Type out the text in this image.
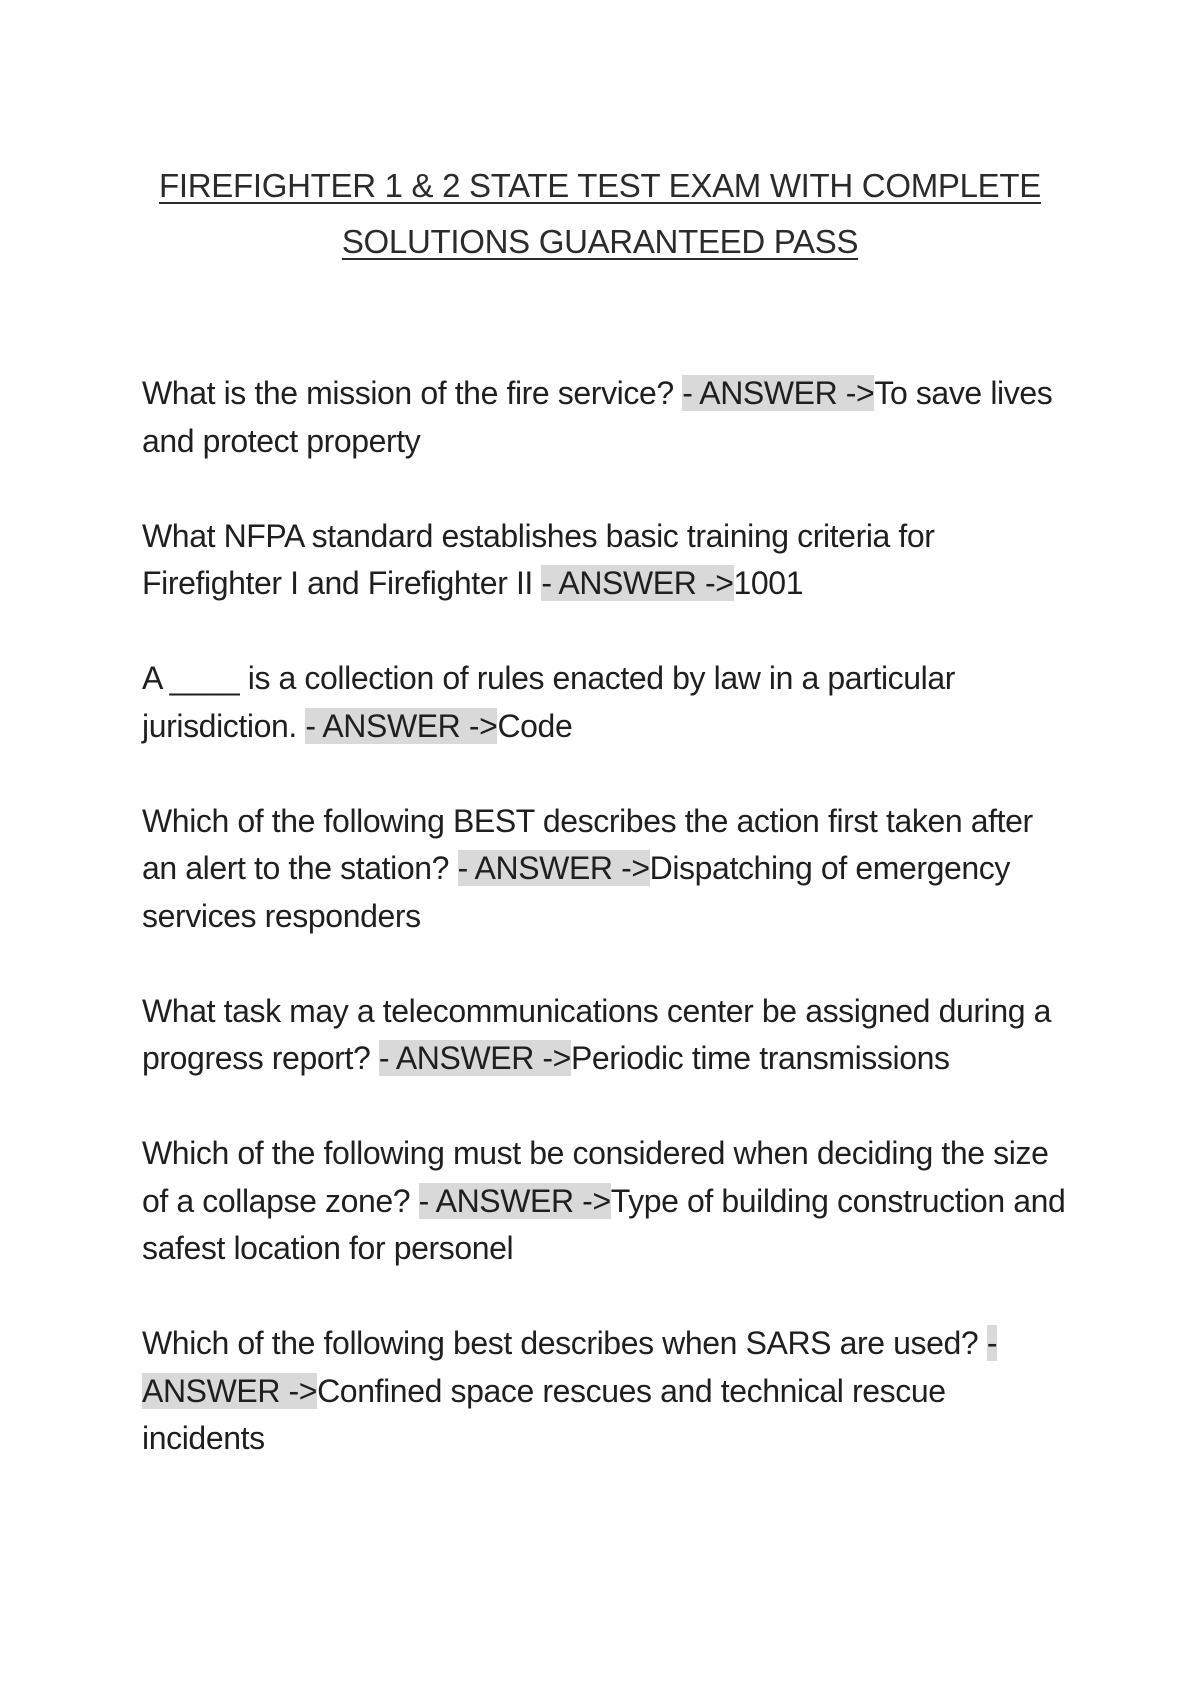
FIREFIGHTER 1 & 2 STATE TEST EXAM WITH COMPLETE
SOLUTIONS GUARANTEED PASS

What is the mission of the fire service? - ANSWER ->To save lives and protect property

What NFPA standard establishes basic training criteria for Firefighter I and Firefighter II - ANSWER ->1001

A ____ is a collection of rules enacted by law in a particular jurisdiction. - ANSWER ->Code

Which of the following BEST describes the action first taken after an alert to the station? - ANSWER ->Dispatching of emergency services responders

What task may a telecommunications center be assigned during a progress report? - ANSWER ->Periodic time transmissions

Which of the following must be considered when deciding the size of a collapse zone? - ANSWER ->Type of building construction and safest location for personel

Which of the following best describes when SARS are used? - ANSWER ->Confined space rescues and technical rescue incidents
